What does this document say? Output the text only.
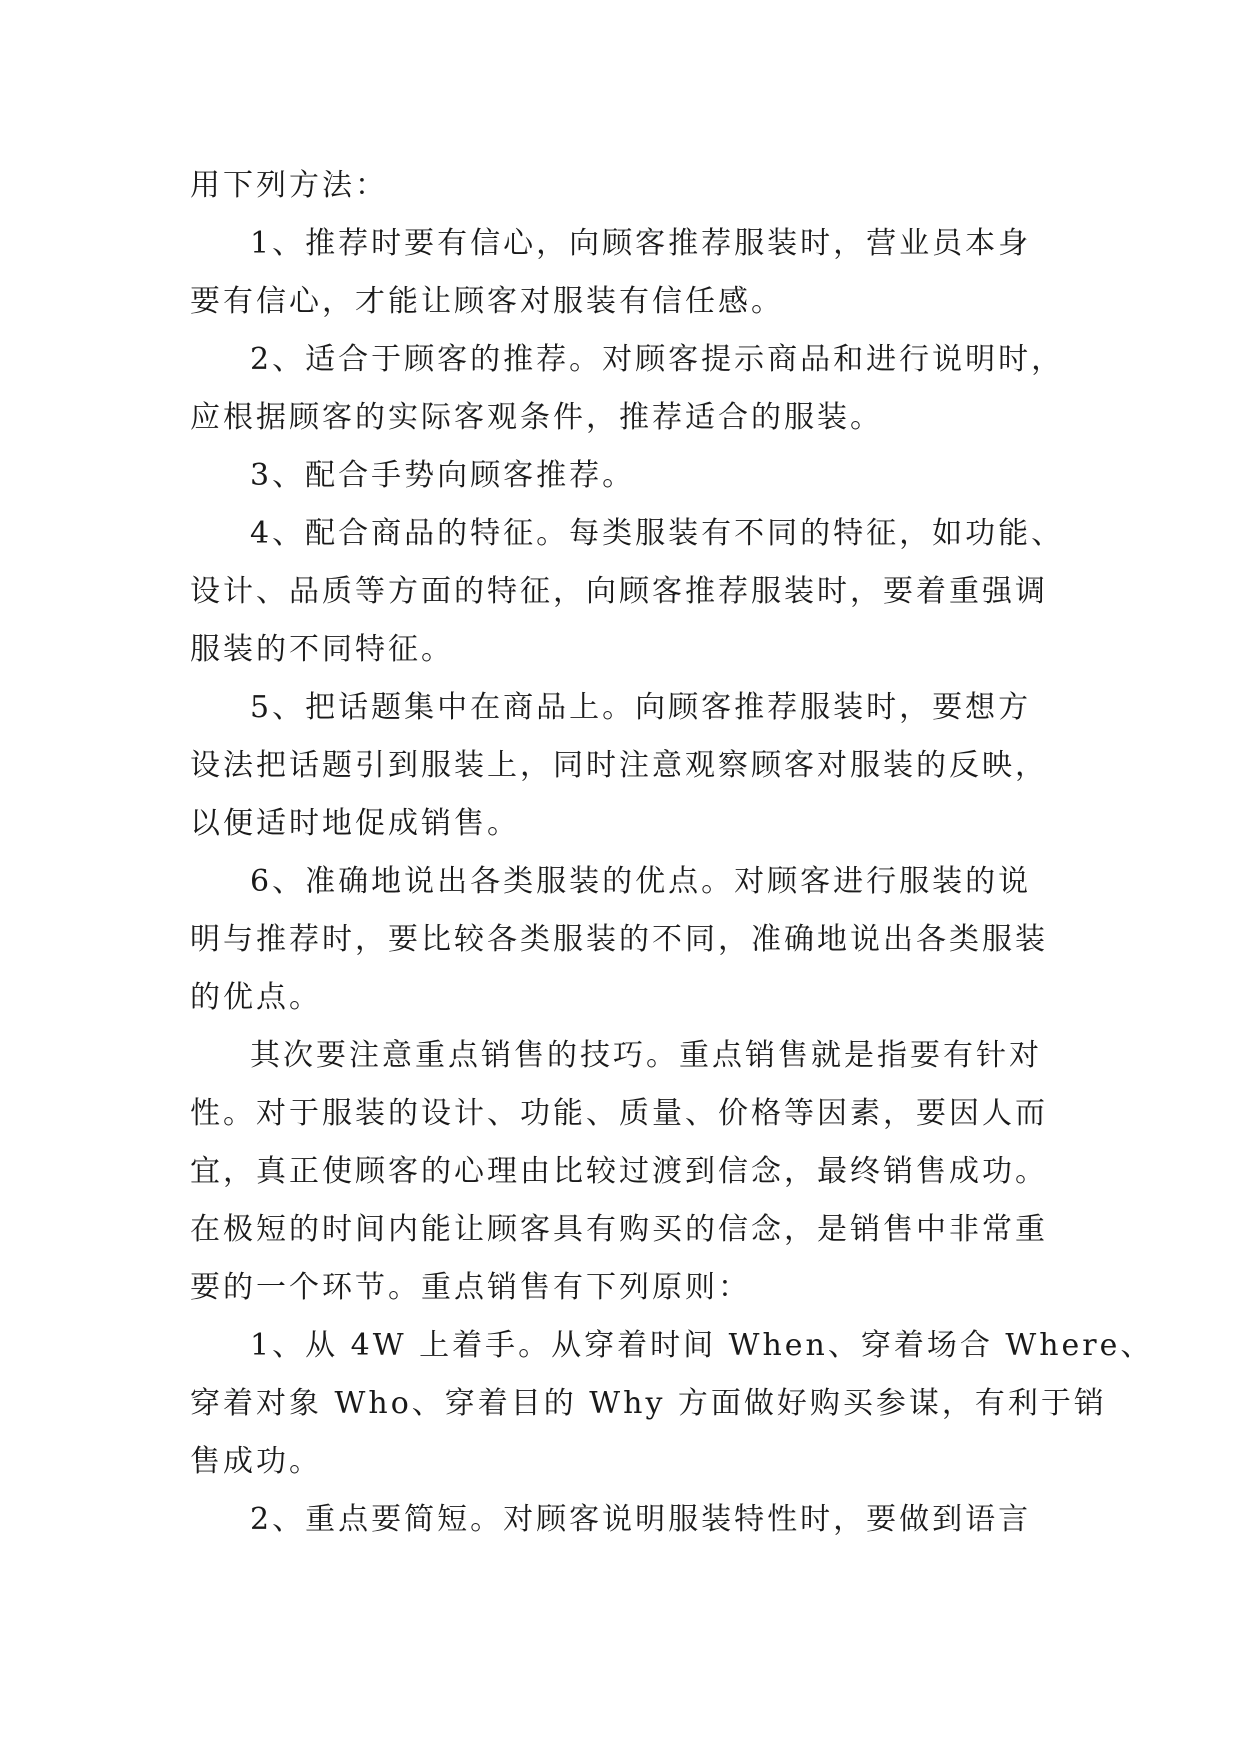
用下列方法：
1、推荐时要有信心，向顾客推荐服装时，营业员本身
要有信心，才能让顾客对服装有信任感。
2、适合于顾客的推荐。对顾客提示商品和进行说明时，
应根据顾客的实际客观条件，推荐适合的服装。
3、配合手势向顾客推荐。
4、配合商品的特征。每类服装有不同的特征，如功能、
设计、品质等方面的特征，向顾客推荐服装时，要着重强调
服装的不同特征。
5、把话题集中在商品上。向顾客推荐服装时，要想方
设法把话题引到服装上，同时注意观察顾客对服装的反映，
以便适时地促成销售。
6、准确地说出各类服装的优点。对顾客进行服装的说
明与推荐时，要比较各类服装的不同，准确地说出各类服装
的优点。
其次要注意重点销售的技巧。重点销售就是指要有针对
性。对于服装的设计、功能、质量、价格等因素，要因人而
宜，真正使顾客的心理由比较过渡到信念，最终销售成功。
在极短的时间内能让顾客具有购买的信念，是销售中非常重
要的一个环节。重点销售有下列原则：
1、从 4W 上着手。从穿着时间 When、穿着场合 Where、
穿着对象 Who、穿着目的 Why 方面做好购买参谋，有利于销
售成功。
2、重点要简短。对顾客说明服装特性时，要做到语言
